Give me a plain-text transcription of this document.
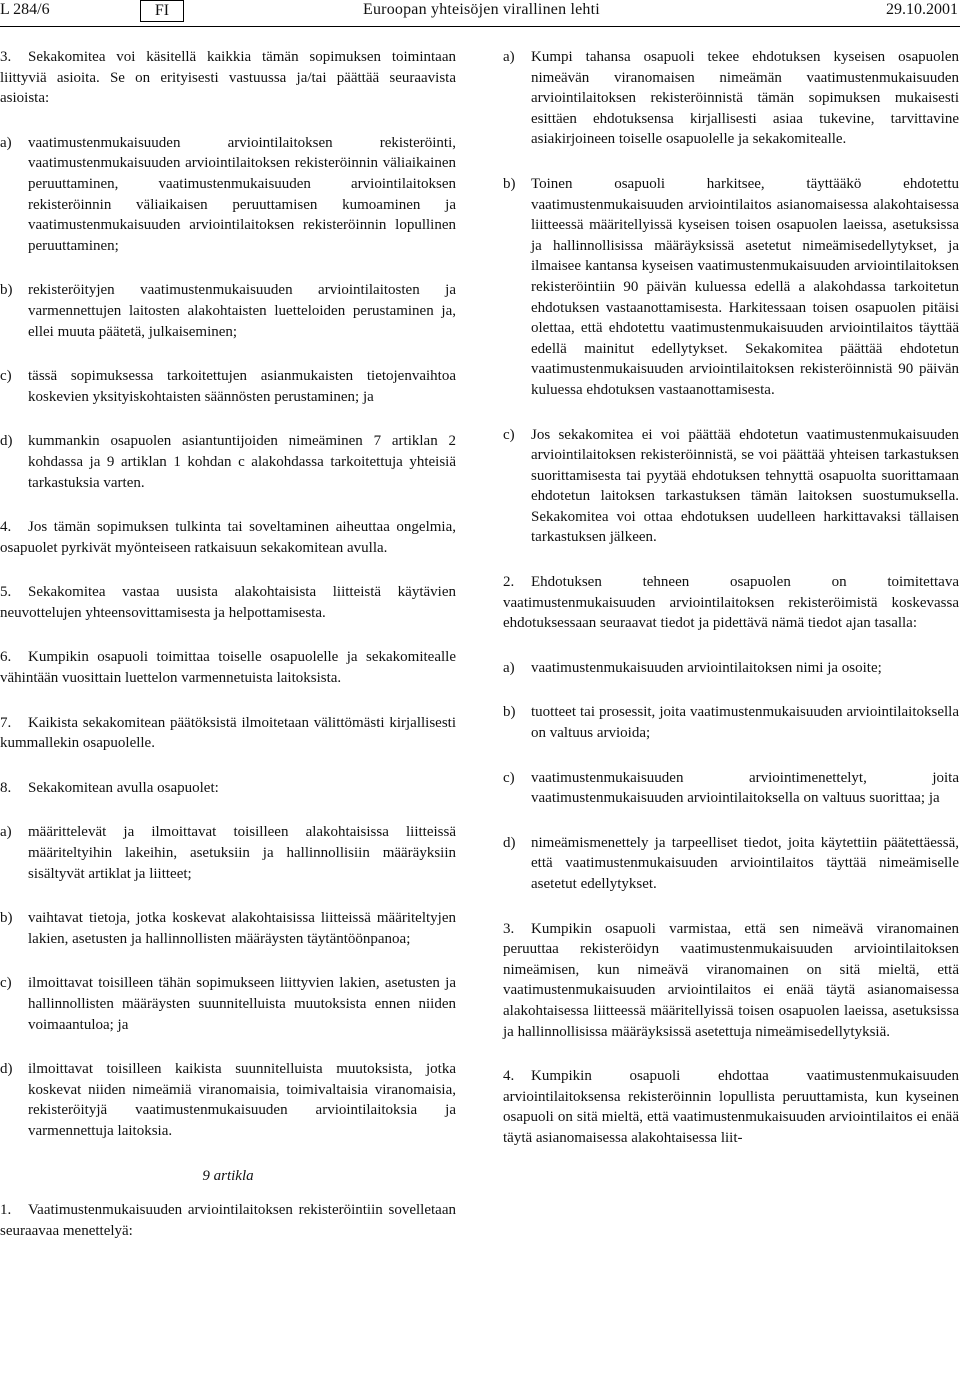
L 284/6	FI	Euroopan yhteisöjen virallinen lehti	29.10.2001

3. Sekakomitea voi käsitellä kaikkia tämän sopimuksen toimintaan liittyviä asioita. Se on erityisesti vastuussa ja/tai päättää seuraavista asioista:

a)	vaatimustenmukaisuuden arviointilaitoksen rekisteröinti, vaatimustenmukaisuuden arviointilaitoksen rekisteröinnin väliaikainen peruuttaminen, vaatimustenmukaisuuden arviointilaitoksen rekisteröinnin väliaikaisen peruuttamisen kumoaminen ja vaatimustenmukaisuuden arviointilaitoksen rekisteröinnin lopullinen peruuttaminen;
b)	rekisteröityjen vaatimustenmukaisuuden arviointilaitosten ja varmennettujen laitosten alakohtaisten luetteloiden perustaminen ja, ellei muuta päätetä, julkaiseminen;
c)	tässä sopimuksessa tarkoitettujen asianmukaisten tietojenvaihtoa koskevien yksityiskohtaisten säännösten perustaminen; ja
d)	kummankin osapuolen asiantuntijoiden nimeäminen 7 artiklan 2 kohdassa ja 9 artiklan 1 kohdan c alakohdassa tarkoitettuja yhteisiä tarkastuksia varten.

4. Jos tämän sopimuksen tulkinta tai soveltaminen aiheuttaa ongelmia, osapuolet pyrkivät myönteiseen ratkaisuun sekakomitean avulla.

5. Sekakomitea vastaa uusista alakohtaisista liitteistä käytävien neuvottelujen yhteensovittamisesta ja helpottamisesta.

6. Kumpikin osapuoli toimittaa toiselle osapuolelle ja sekakomitealle vähintään vuosittain luettelon varmennetuista laitoksista.

7. Kaikista sekakomitean päätöksistä ilmoitetaan välittömästi kirjallisesti kummallekin osapuolelle.

8. Sekakomitean avulla osapuolet:

a)	määrittelevät ja ilmoittavat toisilleen alakohtaisissa liitteissä määriteltyihin lakeihin, asetuksiin ja hallinnollisiin määräyksiin sisältyvät artiklat ja liitteet;
b)	vaihtavat tietoja, jotka koskevat alakohtaisissa liitteissä määriteltyjen lakien, asetusten ja hallinnollisten määräysten täytäntöönpanoa;
c)	ilmoittavat toisilleen tähän sopimukseen liittyvien lakien, asetusten ja hallinnollisten määräysten suunnitelluista muutoksista ennen niiden voimaantuloa; ja
d)	ilmoittavat toisilleen kaikista suunnitelluista muutoksista, jotka koskevat niiden nimeämiä viranomaisia, toimivaltaisia viranomaisia, rekisteröityjä vaatimustenmukaisuuden arviointilaitoksia ja varmennettuja laitoksia.
9 artikla

1. Vaatimustenmukaisuuden arviointilaitoksen rekisteröintiin sovelletaan seuraavaa menettelyä:

a)	Kumpi tahansa osapuoli tekee ehdotuksen kyseisen osapuolen nimeävän viranomaisen nimeämän vaatimustenmukaisuuden arviointilaitoksen rekisteröinnistä tämän sopimuksen mukaisesti esittäen ehdotuksensa kirjallisesti asiaa tukevine, tarvittavine asiakirjoineen toiselle osapuolelle ja sekakomitealle.
b)	Toinen osapuoli harkitsee, täyttääkö ehdotettu vaatimustenmukaisuuden arviointilaitos asianomaisessa alakohtaisessa liitteessä määritellyissä kyseisen toisen osapuolen laeissa, asetuksissa ja hallinnollisissa määräyksissä asetetut nimeämisedellytykset, ja ilmaisee kantansa kyseisen vaatimustenmukaisuuden arviointilaitoksen rekisteröintiin 90 päivän kuluessa edellä a alakohdassa tarkoitetun ehdotuksen vastaanottamisesta. Harkitessaan toisen osapuolen pitäisi olettaa, että ehdotettu vaatimustenmukaisuuden arviointilaitos täyttää edellä mainitut edellytykset. Sekakomitea päättää ehdotetun vaatimustenmukaisuuden arviointilaitoksen rekisteröinnistä 90 päivän kuluessa ehdotuksen vastaanottamisesta.
c)	Jos sekakomitea ei voi päättää ehdotetun vaatimustenmukaisuuden arviointilaitoksen rekisteröinnistä, se voi päättää yhteisen tarkastuksen suorittamisesta tai pyytää ehdotuksen tehnyttä osapuolta suorittamaan ehdotetun laitoksen tarkastuksen tämän laitoksen suostumuksella. Sekakomitea voi ottaa ehdotuksen uudelleen harkittavaksi tällaisen tarkastuksen jälkeen.

2. Ehdotuksen tehneen osapuolen on toimitettava vaatimustenmukaisuuden arviointilaitoksen rekisteröimistä koskevassa ehdotuksessaan seuraavat tiedot ja pidettävä nämä tiedot ajan tasalla:

a)	vaatimustenmukaisuuden arviointilaitoksen nimi ja osoite;
b)	tuotteet tai prosessit, joita vaatimustenmukaisuuden arviointilaitoksella on valtuus arvioida;
c)	vaatimustenmukaisuuden arviointimenettelyt, joita vaatimustenmukaisuuden arviointilaitoksella on valtuus suorittaa; ja
d)	nimeämismenettely ja tarpeelliset tiedot, joita käytettiin päätettäessä, että vaatimustenmukaisuuden arviointilaitos täyttää nimeämiselle asetetut edellytykset.

3. Kumpikin osapuoli varmistaa, että sen nimeävä viranomainen peruuttaa rekisteröidyn vaatimustenmukaisuuden arviointilaitoksen nimeämisen, kun nimeävä viranomainen on sitä mieltä, että vaatimustenmukaisuuden arviointilaitos ei enää täytä asianomaisessa alakohtaisessa liitteessä määritellyissä toisen osapuolen laeissa, asetuksissa ja hallinnollisissa määräyksissä asetettuja nimeämisedellytyksiä.

4. Kumpikin osapuoli ehdottaa vaatimustenmukaisuuden arviointilaitoksensa rekisteröinnin lopullista peruuttamista, kun kyseinen osapuoli on sitä mieltä, että vaatimustenmukaisuuden arviointilaitos ei enää täytä asianomaisessa alakohtaisessa liit-
